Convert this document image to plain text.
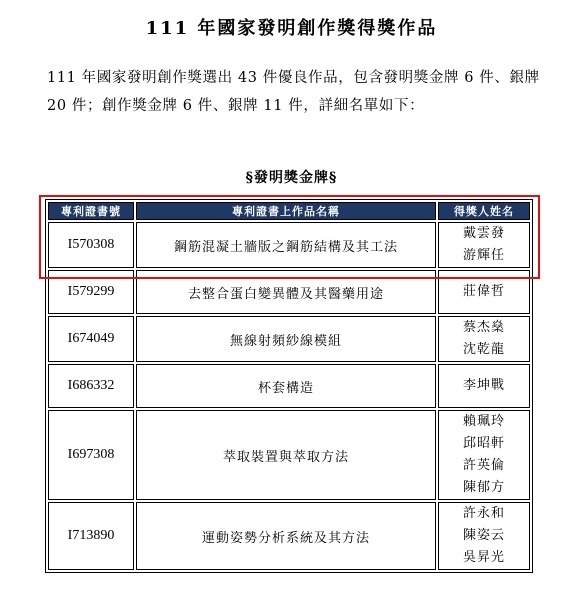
111 年國家發明創作獎得獎作品
111 年國家發明創作獎選出 43 件優良作品，包含發明獎金牌 6 件、銀牌 20 件；創作獎金牌 6 件、銀牌 11 件，詳細名單如下：
§發明獎金牌§
專利證書號	專利證書上作品名稱	得獎人姓名
I570308	鋼筋混凝土牆版之鋼筋結構及其工法	戴雲發
游輝任

I579299	去整合蛋白變異體及其醫藥用途	莊偉哲

I674049	無線射頻紗線模組	蔡杰燊
沈乾龍

I686332	杯套構造	李坤戰

I697308	萃取裝置與萃取方法	賴珮玲
邱昭軒
許英倫
陳郁方

I713890	運動姿勢分析系統及其方法	許永和
陳姿云
吳昇光
